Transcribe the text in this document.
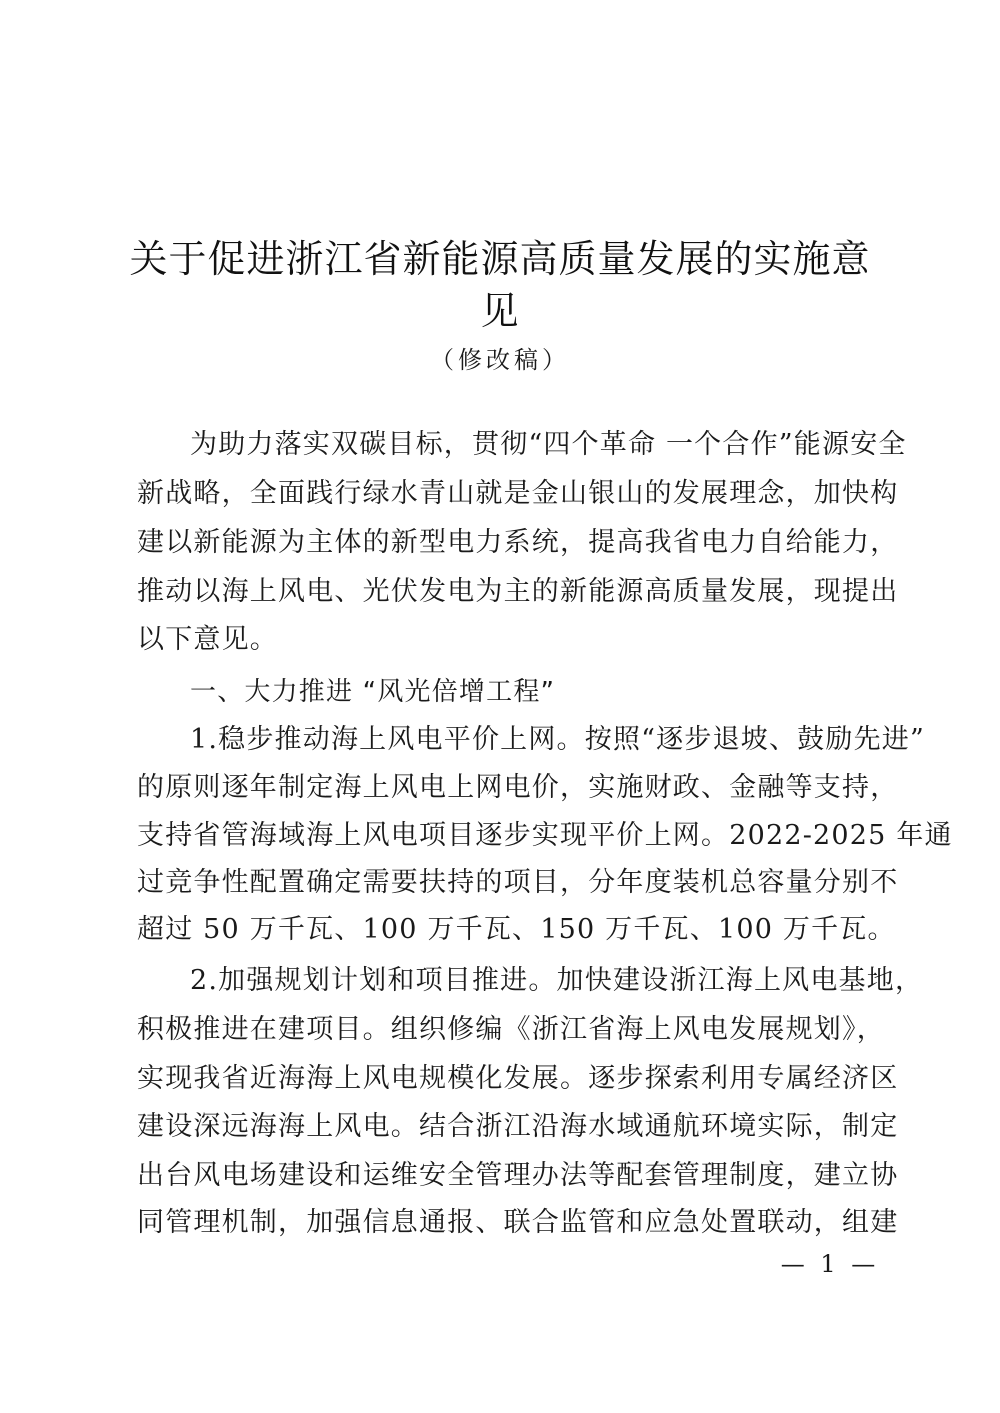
关于促进浙江省新能源高质量发展的实施意
见

（修改稿）

为助力落实双碳目标，贯彻“四个革命 一个合作”能源安全

新战略，全面践行绿水青山就是金山银山的发展理念，加快构

建以新能源为主体的新型电力系统，提高我省电力自给能力，

推动以海上风电、光伏发电为主的新能源高质量发展，现提出

以下意见。

一、大力推进 “风光倍增工程”

1.稳步推动海上风电平价上网。按照“逐步退坡、鼓励先进”

的原则逐年制定海上风电上网电价，实施财政、金融等支持，

支持省管海域海上风电项目逐步实现平价上网。2022-2025 年通

过竞争性配置确定需要扶持的项目，分年度装机总容量分别不

超过 50 万千瓦、100 万千瓦、150 万千瓦、100 万千瓦。

2.加强规划计划和项目推进。加快建设浙江海上风电基地，

积极推进在建项目。组织修编《浙江省海上风电发展规划》，

实现我省近海海上风电规模化发展。逐步探索利用专属经济区

建设深远海海上风电。结合浙江沿海水域通航环境实际，制定

出台风电场建设和运维安全管理办法等配套管理制度，建立协

同管理机制，加强信息通报、联合监管和应急处置联动，组建

— 1 —
